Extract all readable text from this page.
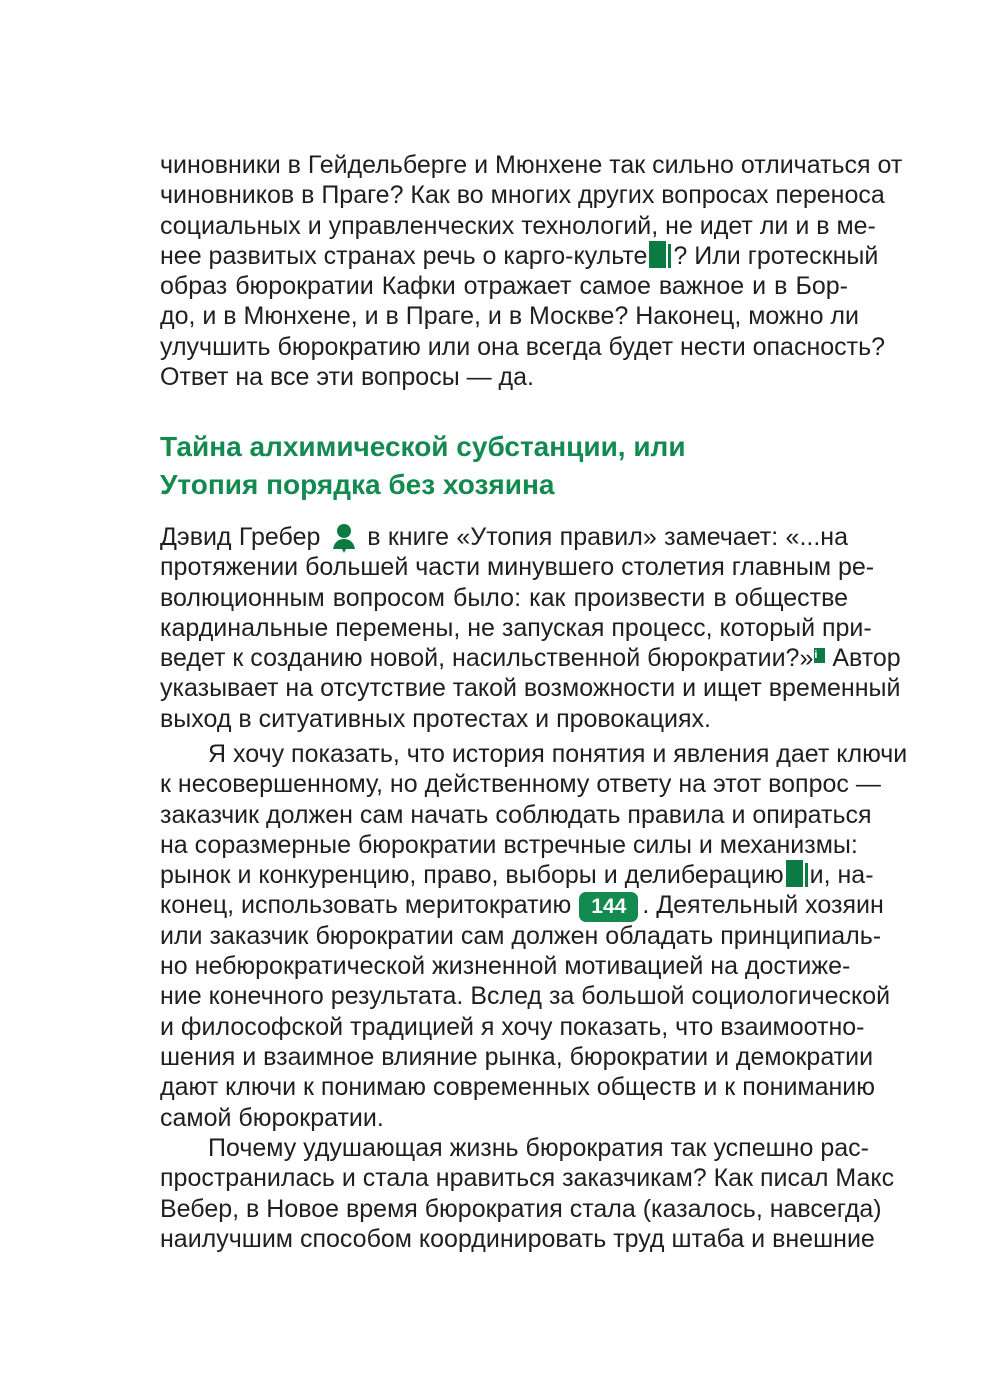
чиновники в Гейдельберге и Мюнхене так сильно отличаться от
чиновников в Праге? Как во многих других вопросах переноса
социальных и управленческих технологий, не идет ли и в ме-
нее развитых странах речь о карго-культе ? Или гротескный
образ бюрократии Кафки отражает самое важное и в Бор-
до, и в Мюнхене, и в Праге, и в Москве? Наконец, можно ли
улучшить бюрократию или она всегда будет нести опасность?
Ответ на все эти вопросы — да.
Тайна алхимической субстанции, или
Утопия порядка без хозяина
Дэвид Гребер в книге «Утопия правил» замечает: «...на
протяжении большей части минувшего столетия главным ре-
волюционным вопросом было: как произвести в обществе
кардинальные перемены, не запуская процесс, который при-
ведет к созданию новой, насильственной бюрократии?»i Автор
указывает на отсутствие такой возможности и ищет временный
выход в ситуативных протестах и провокациях.
Я хочу показать, что история понятия и явления дает ключи
к несовершенному, но действенному ответу на этот вопрос —
заказчик должен сам начать соблюдать правила и опираться
на соразмерные бюрократии встречные силы и механизмы:
рынок и конкуренцию, право, выборы и делиберацию и, на-
конец, использовать меритократию 144 . Деятельный хозяин
или заказчик бюрократии сам должен обладать принципиаль-
но небюрократической жизненной мотивацией на достиже-
ние конечного результата. Вслед за большой социологической
и философской традицией я хочу показать, что взаимоотно-
шения и взаимное влияние рынка, бюрократии и демократии
дают ключи к понимаю современных обществ и к пониманию
самой бюрократии.
Почему удушающая жизнь бюрократия так успешно рас-
пространилась и стала нравиться заказчикам? Как писал Макс
Вебер, в Новое время бюрократия стала (казалось, навсегда)
наилучшим способом координировать труд штаба и внешние
